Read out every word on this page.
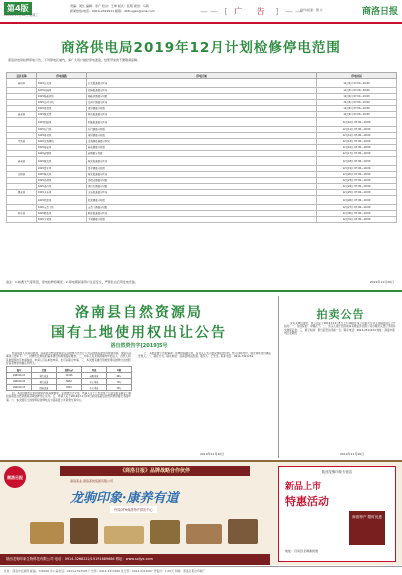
第4版
2019年11月20日 星期三
责编：周红 编辑：李广 校对：王坤 版式：张明 视觉：马鸣
新闻热线/电话：0914-2322911 邮箱：dbtougao@sina.com	—— [ 广 告 ] ——
副刊/版面：图 片	商洛日报
商洛供电局2019年12月计划检修停电范围
商洛供电局检修停电公告，下列停电区域内，请广大用户做好停电准备，给您带来的不便敬请谅解。
县区名称	停电线路	停电区域	停电时间
商州区	10kV北关线	北关街道部分区域	12月2日 07:00—19:00
	10kV刘湾线	刘湾街道部分区域	12月3日 07:00—19:00
	10kV杨峪河线	杨峪河镇部分村组	12月4日 07:00—19:00
	10kV沙河子线	沙河子镇部分区域	12月5日 07:00—19:00
	10kV夜村线	夜村镇部分村组	12月6日 07:00—19:00
洛南县	10kV城关线	城关街道部分区域	12月9日 07:00—19:00
	10kV四皓线	四皓街道部分区域	12月10日 07:00—19:00
	10kV石门线	石门镇部分村组	12月11日 07:00—19:00
	10kV景村线	景村镇部分村组	12月12日 07:00—19:00
丹凤县	10kV龙驹寨线	龙驹寨街道部分区域	12月13日 07:00—19:00
	10kV棣花线	棣花镇部分村组	12月16日 07:00—19:00
	10kV商镇线	商镇部分村组	12月17日 07:00—19:00
商南县	10kV城关线	城关街道部分区域	12月18日 07:00—19:00
	10kV富水线	富水镇部分村组	12月19日 07:00—19:00
山阳县	10kV城关线	城关街道部分区域	12月20日 07:00—19:00
	10kV高坝线	高坝店镇部分村组	12月23日 07:00—19:00
	10kV漫川线	漫川关镇部分村组	12月24日 07:00—19:00
镇安县	10kV永乐线	永乐街道部分区域	12月25日 07:00—19:00
	10kV回龙线	回龙镇部分村组	12月26日 07:00—19:00
	10kV云盖寺线	云盖寺镇部分村组	12月27日 07:00—19:00
柞水县	10kV乾佑线	乾佑街道部分区域	12月30日 07:00—19:00
	10kV下梁线	下梁镇部分村组	12月31日 07:00—19:00
备注：1.如遇天气等原因，停电检修将顺延；2.停电期间请用户注意安全，严禁私自启用发电设备。	2019年11月20日
洛南县自然资源局
国有土地使用权出让公告
洛自然资告字[2019]5号

经洛南县人民政府批准，洛南县自然资源局决定以挂牌方式出让下列宗地国有建设用地使用权。现将有关事项公告如下：一、挂牌出让地块的基本情况和规划指标要求。二、中华人民共和国境内外的法人、自然人和其他组织均可申请参加，申请人可以单独申请，也可以联合申请。三、本次国有建设用地使用权挂牌出让按照价高者得原则确定竞得人。

编号	位置	面积(㎡)	用途	年限
LN2019-01	城关街道	12346	商服用地	40年
LN2019-02	城关街道	8652	住宅用地	70年
LN2019-03	四皓街道	6510	住宅用地	70年

四、本次挂牌出让的详细资料和具体要求，见挂牌出让文件。申请人可于公告发布之日起至报名截止日前到洛南县自然资源局获取挂牌出让文件。五、申请人可于2019年12月10日前到洛南县自然资源局提交书面申请。六、本次国有土地使用权挂牌地点为洛南县公共资源交易中心。

七、其他需要公告的事项：挂牌时间截止时，有竞买人表示愿意继续竞价的，转入现场竞价，通过现场竞价确定竞得人。八、联系方式。联系地址：洛南县城关街道。联系人：王先生。联系电话：0914-7321234

2019年11月20日
拍卖公告

受有关单位委托，我公司定于2019年12月5日上午10时在本公司拍卖厅对下列标的进行公开拍卖：一、拍卖标的：车辆若干。二、竞买人须于拍卖前持有效证件到我公司办理竞买登记手续并交纳保证金。三、展示时间：即日起至拍卖前一日。联系电话：0914-2311234 地址：商洛市商州区北新街

2019年11月20日
商洛日报
《商洛日报》品牌战略合作伙伴
商洛茶业·商洛茶饮集团有限公司
龙驹印象·康养有道
丹凤OTH商洛特产供应中心
陕西龙驹印象生物科技有限公司 电话：0914-3268222/15191689686 网址：www.sxljyx.com
陕西龙驹印象专营店
新品上市
特惠活动
商洛特产 限时优惠
地址：丹凤县龙驹寨街道
社址：商洛市北新街 邮编：726000 办公室电话：0914-2312345 广告部：0914-2313456 发行部：0914-2314567 零售价：1.00元 印刷：商洛日报社印刷厂
